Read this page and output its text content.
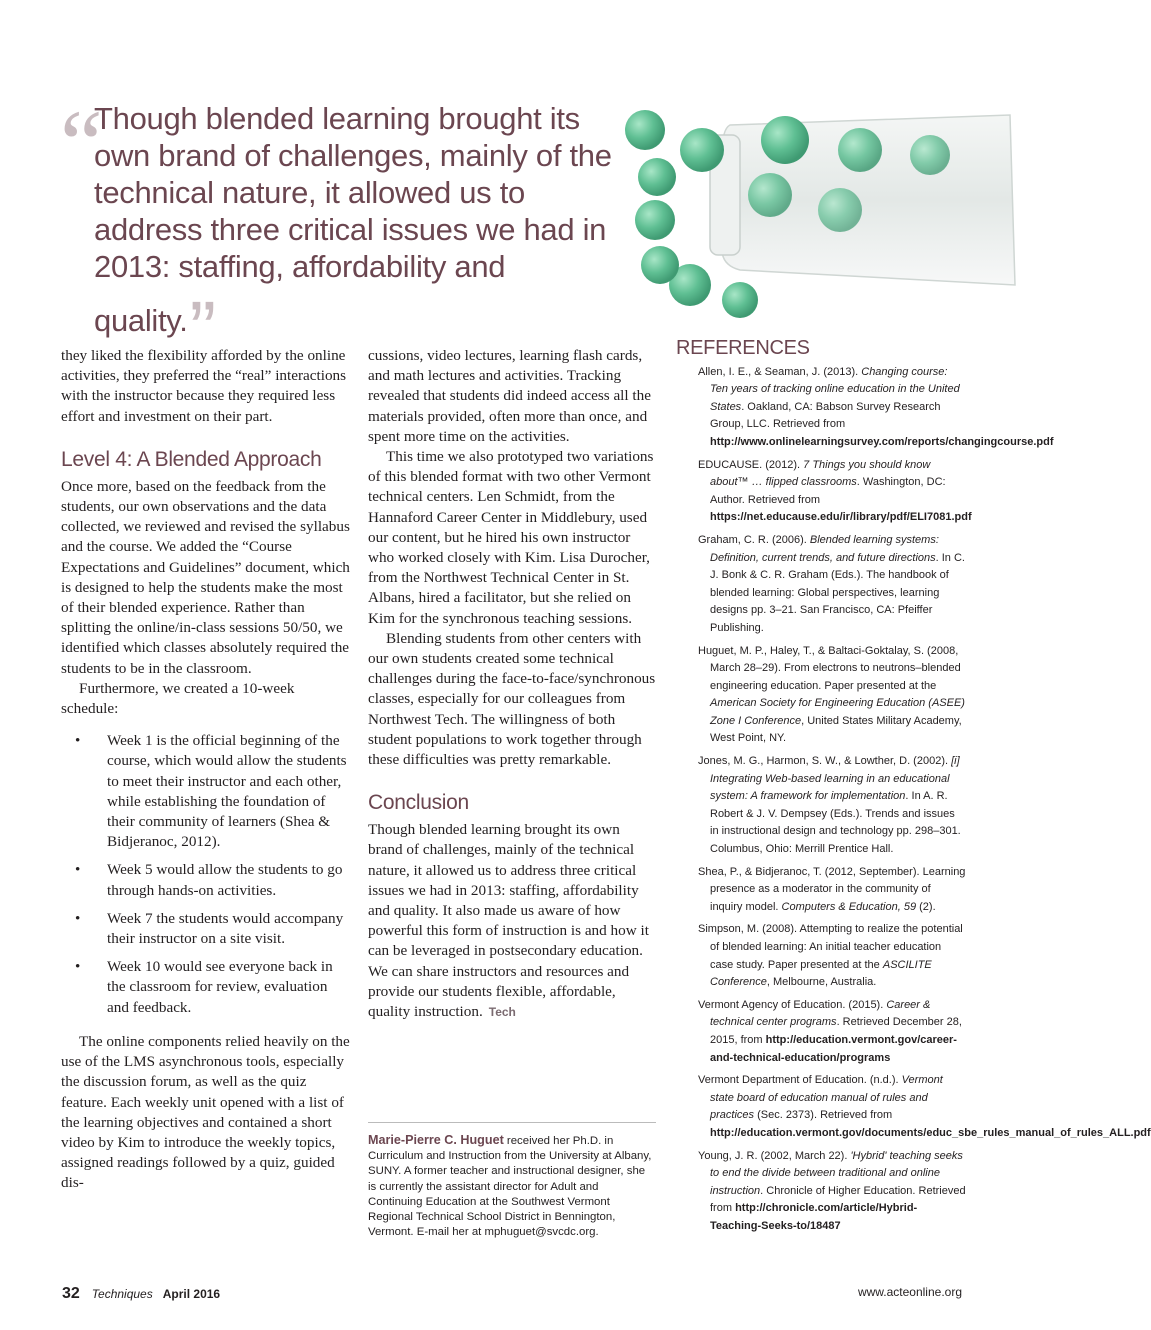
“
Though blended learning brought its own brand of challenges, mainly of the technical nature, it allowed us to address three critical issues we had in 2013: staffing, affordability and quality.”

they liked the flexibility afforded by the online activities, they preferred the “real” interactions with the instructor because they required less effort and investment on their part.

Level 4: A Blended Approach

Once more, based on the feedback from the students, our own observations and the data collected, we reviewed and revised the syllabus and the course. We added the “Course Expectations and Guidelines” document, which is designed to help the students make the most of their blended experience. Rather than splitting the online/in-class sessions 50/50, we identified which classes absolutely required the students to be in the classroom.

Furthermore, we created a 10-week schedule:

• Week 1 is the official beginning of the course, which would allow the students to meet their instructor and each other, while establishing the foundation of their community of learners (Shea & Bidjeranoc, 2012).
• Week 5 would allow the students to go through hands-on activities.
• Week 7 the students would accompany their instructor on a site visit.
• Week 10 would see everyone back in the classroom for review, evaluation and feedback.

The online components relied heavily on the use of the LMS asynchronous tools, especially the discussion forum, as well as the quiz feature. Each weekly unit opened with a list of the learning objectives and contained a short video by Kim to introduce the weekly topics, assigned readings followed by a quiz, guided dis-

cussions, video lectures, learning flash cards, and math lectures and activities. Tracking revealed that students did indeed access all the materials provided, often more than once, and spent more time on the activities.

This time we also prototyped two variations of this blended format with two other Vermont technical centers. Len Schmidt, from the Hannaford Career Center in Middlebury, used our content, but he hired his own instructor who worked closely with Kim. Lisa Durocher, from the Northwest Technical Center in St. Albans, hired a facilitator, but she relied on Kim for the synchronous teaching sessions.

Blending students from other centers with our own students created some technical challenges during the face-to-face/synchronous classes, especially for our colleagues from Northwest Tech. The willingness of both student populations to work together through these difficulties was pretty remarkable.

Conclusion

Though blended learning brought its own brand of challenges, mainly of the technical nature, it allowed us to address three critical issues we had in 2013: staffing, affordability and quality. It also made us aware of how powerful this form of instruction is and how it can be leveraged in postsecondary education. We can share instructors and resources and provide our students flexible, affordable, quality instruction. Tech

Marie-Pierre C. Huguet received her Ph.D. in Curriculum and Instruction from the University at Albany, SUNY. A former teacher and instructional designer, she is currently the assistant director for Adult and Continuing Education at the Southwest Vermont Regional Technical School District in Bennington, Vermont. E-mail her at mphuguet@svcdc.org.
REFERENCES
Allen, I. E., & Seaman, J. (2013). Changing course: Ten years of tracking online education in the United States. Oakland, CA: Babson Survey Research Group, LLC. Retrieved from http://www.onlinelearningsurvey.com/reports/changingcourse.pdf
EDUCAUSE. (2012). 7 Things you should know about™ … flipped classrooms. Washington, DC: Author. Retrieved from https://net.educause.edu/ir/library/pdf/ELI7081.pdf
Graham, C. R. (2006). Blended learning systems: Definition, current trends, and future directions. In C. J. Bonk & C. R. Graham (Eds.). The handbook of blended learning: Global perspectives, learning designs pp. 3–21. San Francisco, CA: Pfeiffer Publishing.
Huguet, M. P., Haley, T., & Baltaci-Goktalay, S. (2008, March 28–29). From electrons to neutrons–blended engineering education. Paper presented at the American Society for Engineering Education (ASEE) Zone I Conference, United States Military Academy, West Point, NY.
Jones, M. G., Harmon, S. W., & Lowther, D. (2002). [i] Integrating Web-based learning in an educational system: A framework for implementation. In A. R. Robert & J. V. Dempsey (Eds.). Trends and issues in instructional design and technology pp. 298–301. Columbus, Ohio: Merrill Prentice Hall.
Shea, P., & Bidjeranoc, T. (2012, September). Learning presence as a moderator in the community of inquiry model. Computers & Education, 59 (2).
Simpson, M. (2008). Attempting to realize the potential of blended learning: An initial teacher education case study. Paper presented at the ASCILITE Conference, Melbourne, Australia.
Vermont Agency of Education. (2015). Career & technical center programs. Retrieved December 28, 2015, from http://education.vermont.gov/career-and-technical-education/programs
Vermont Department of Education. (n.d.). Vermont state board of education manual of rules and practices (Sec. 2373). Retrieved from http://education.vermont.gov/documents/educ_sbe_rules_manual_of_rules_ALL.pdf
Young, J. R. (2002, March 22). 'Hybrid' teaching seeks to end the divide between traditional and online instruction. Chronicle of Higher Education. Retrieved from http://chronicle.com/article/Hybrid-Teaching-Seeks-to/18487
32 Techniques April 2016	www.acteonline.org
